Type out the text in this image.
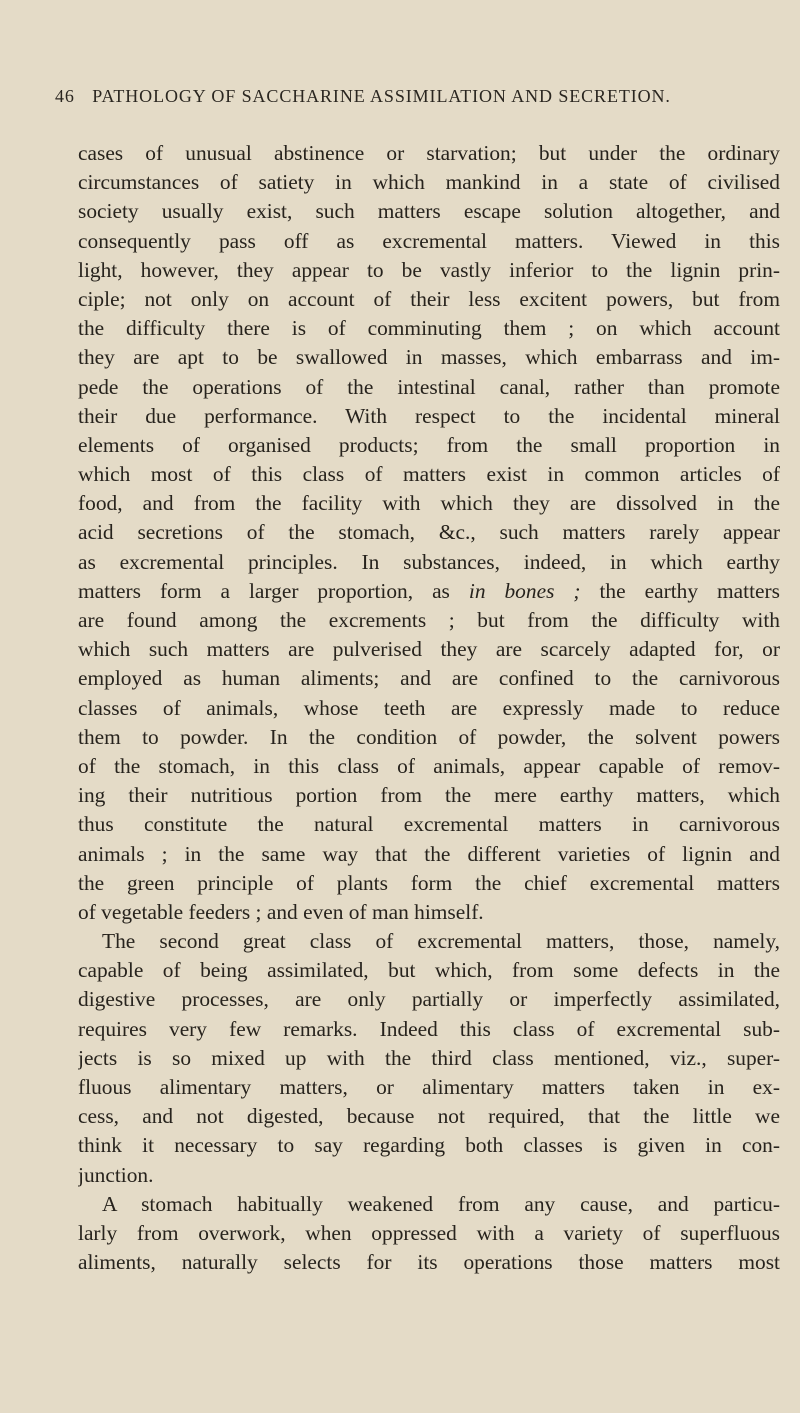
46 PATHOLOGY OF SACCHARINE ASSIMILATION AND SECRETION.
cases of unusual abstinence or starvation; but under the ordinary
circumstances of satiety in which mankind in a state of civilised
society usually exist, such matters escape solution altogether, and
consequently pass off as excremental matters. Viewed in this
light, however, they appear to be vastly inferior to the lignin prin-
ciple; not only on account of their less excitent powers, but from
the difficulty there is of comminuting them ; on which account
they are apt to be swallowed in masses, which embarrass and im-
pede the operations of the intestinal canal, rather than promote
their due performance. With respect to the incidental mineral
elements of organised products; from the small proportion in
which most of this class of matters exist in common articles of
food, and from the facility with which they are dissolved in the
acid secretions of the stomach, &c., such matters rarely appear
as excremental principles. In substances, indeed, in which earthy
matters form a larger proportion, as in bones ; the earthy matters
are found among the excrements ; but from the difficulty with
which such matters are pulverised they are scarcely adapted for, or
employed as human aliments; and are confined to the carnivorous
classes of animals, whose teeth are expressly made to reduce
them to powder. In the condition of powder, the solvent powers
of the stomach, in this class of animals, appear capable of remov-
ing their nutritious portion from the mere earthy matters, which
thus constitute the natural excremental matters in carnivorous
animals ; in the same way that the different varieties of lignin and
the green principle of plants form the chief excremental matters
of vegetable feeders ; and even of man himself.
The second great class of excremental matters, those, namely,
capable of being assimilated, but which, from some defects in the
digestive processes, are only partially or imperfectly assimilated,
requires very few remarks. Indeed this class of excremental sub-
jects is so mixed up with the third class mentioned, viz., super-
fluous alimentary matters, or alimentary matters taken in ex-
cess, and not digested, because not required, that the little we
think it necessary to say regarding both classes is given in con-
junction.
A stomach habitually weakened from any cause, and particu-
larly from overwork, when oppressed with a variety of superfluous
aliments, naturally selects for its operations those matters most
